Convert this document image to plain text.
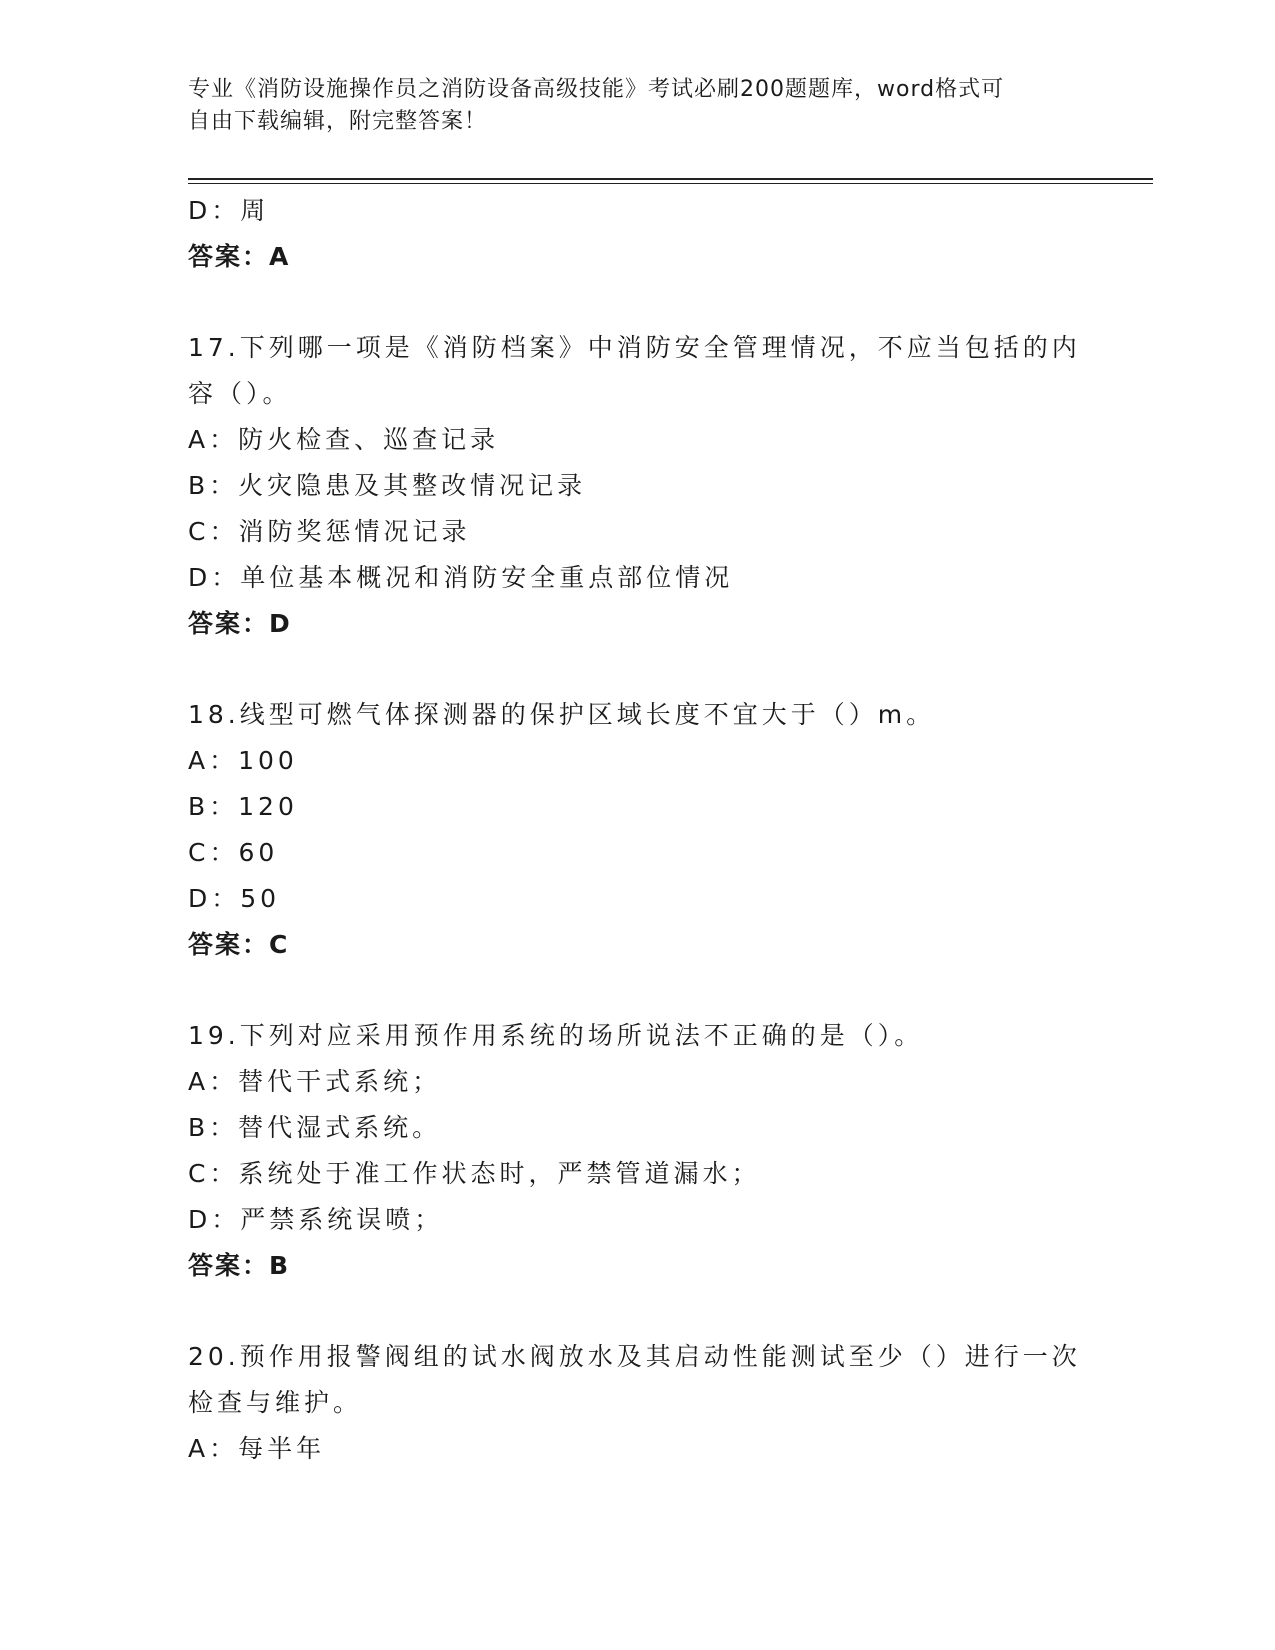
专业《消防设施操作员之消防设备高级技能》考试必刷200题题库，word格式可
自由下载编辑，附完整答案！
D：周
答案：A
17.下列哪一项是《消防档案》中消防安全管理情况，不应当包括的内
容（）。
A：防火检查、巡查记录
B：火灾隐患及其整改情况记录
C：消防奖惩情况记录
D：单位基本概况和消防安全重点部位情况
答案：D
18.线型可燃气体探测器的保护区域长度不宜大于（）m。
A：100
B：120
C：60
D：50
答案：C
19.下列对应采用预作用系统的场所说法不正确的是（）。
A：替代干式系统；
B：替代湿式系统。
C：系统处于准工作状态时，严禁管道漏水；
D：严禁系统误喷；
答案：B
20.预作用报警阀组的试水阀放水及其启动性能测试至少（）进行一次
检查与维护。
A：每半年
